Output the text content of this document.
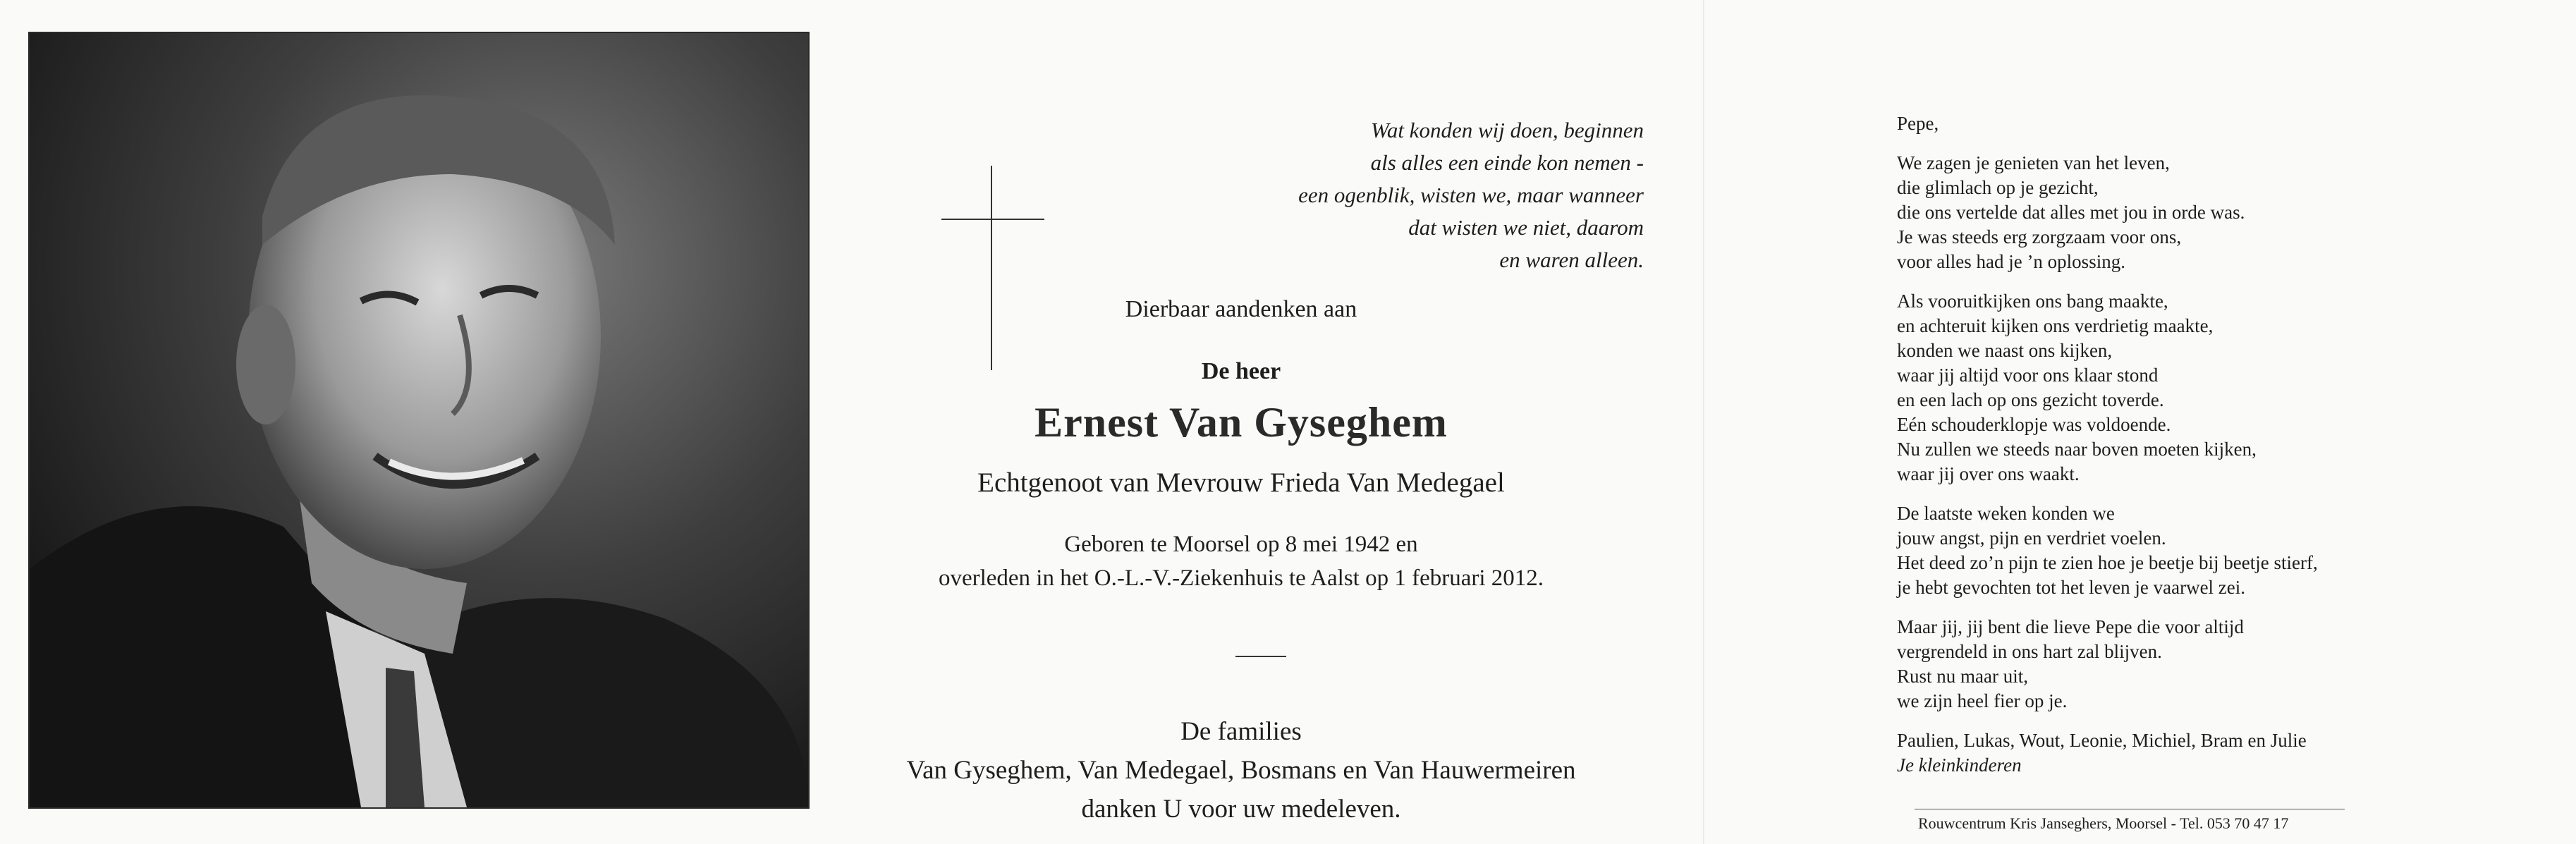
Wat konden wij doen, beginnen
als alles een einde kon nemen -
een ogenblik, wisten we, maar wanneer
dat wisten we niet, daarom
en waren alleen.
Dierbaar aandenken aan
De heer
Ernest Van Gyseghem
Echtgenoot van Mevrouw Frieda Van Medegael
Geboren te Moorsel op 8 mei 1942 en
overleden in het O.-L.-V.-Ziekenhuis te Aalst op 1 februari 2012.
De families
Van Gyseghem, Van Medegael, Bosmans en Van Hauwermeiren
danken U voor uw medeleven.
Pepe,
We zagen je genieten van het leven,
die glimlach op je gezicht,
die ons vertelde dat alles met jou in orde was.
Je was steeds erg zorgzaam voor ons,
voor alles had je ’n oplossing.
Als vooruitkijken ons bang maakte,
en achteruit kijken ons verdrietig maakte,
konden we naast ons kijken,
waar jij altijd voor ons klaar stond
en een lach op ons gezicht toverde.
Eén schouderklopje was voldoende.
Nu zullen we steeds naar boven moeten kijken,
waar jij over ons waakt.
De laatste weken konden we
jouw angst, pijn en verdriet voelen.
Het deed zo’n pijn te zien hoe je beetje bij beetje stierf,
je hebt gevochten tot het leven je vaarwel zei.
Maar jij, jij bent die lieve Pepe die voor altijd
vergrendeld in ons hart zal blijven.
Rust nu maar uit,
we zijn heel fier op je.
Paulien, Lukas, Wout, Leonie, Michiel, Bram en Julie
Je kleinkinderen
Rouwcentrum Kris Janseghers, Moorsel - Tel. 053 70 47 17
